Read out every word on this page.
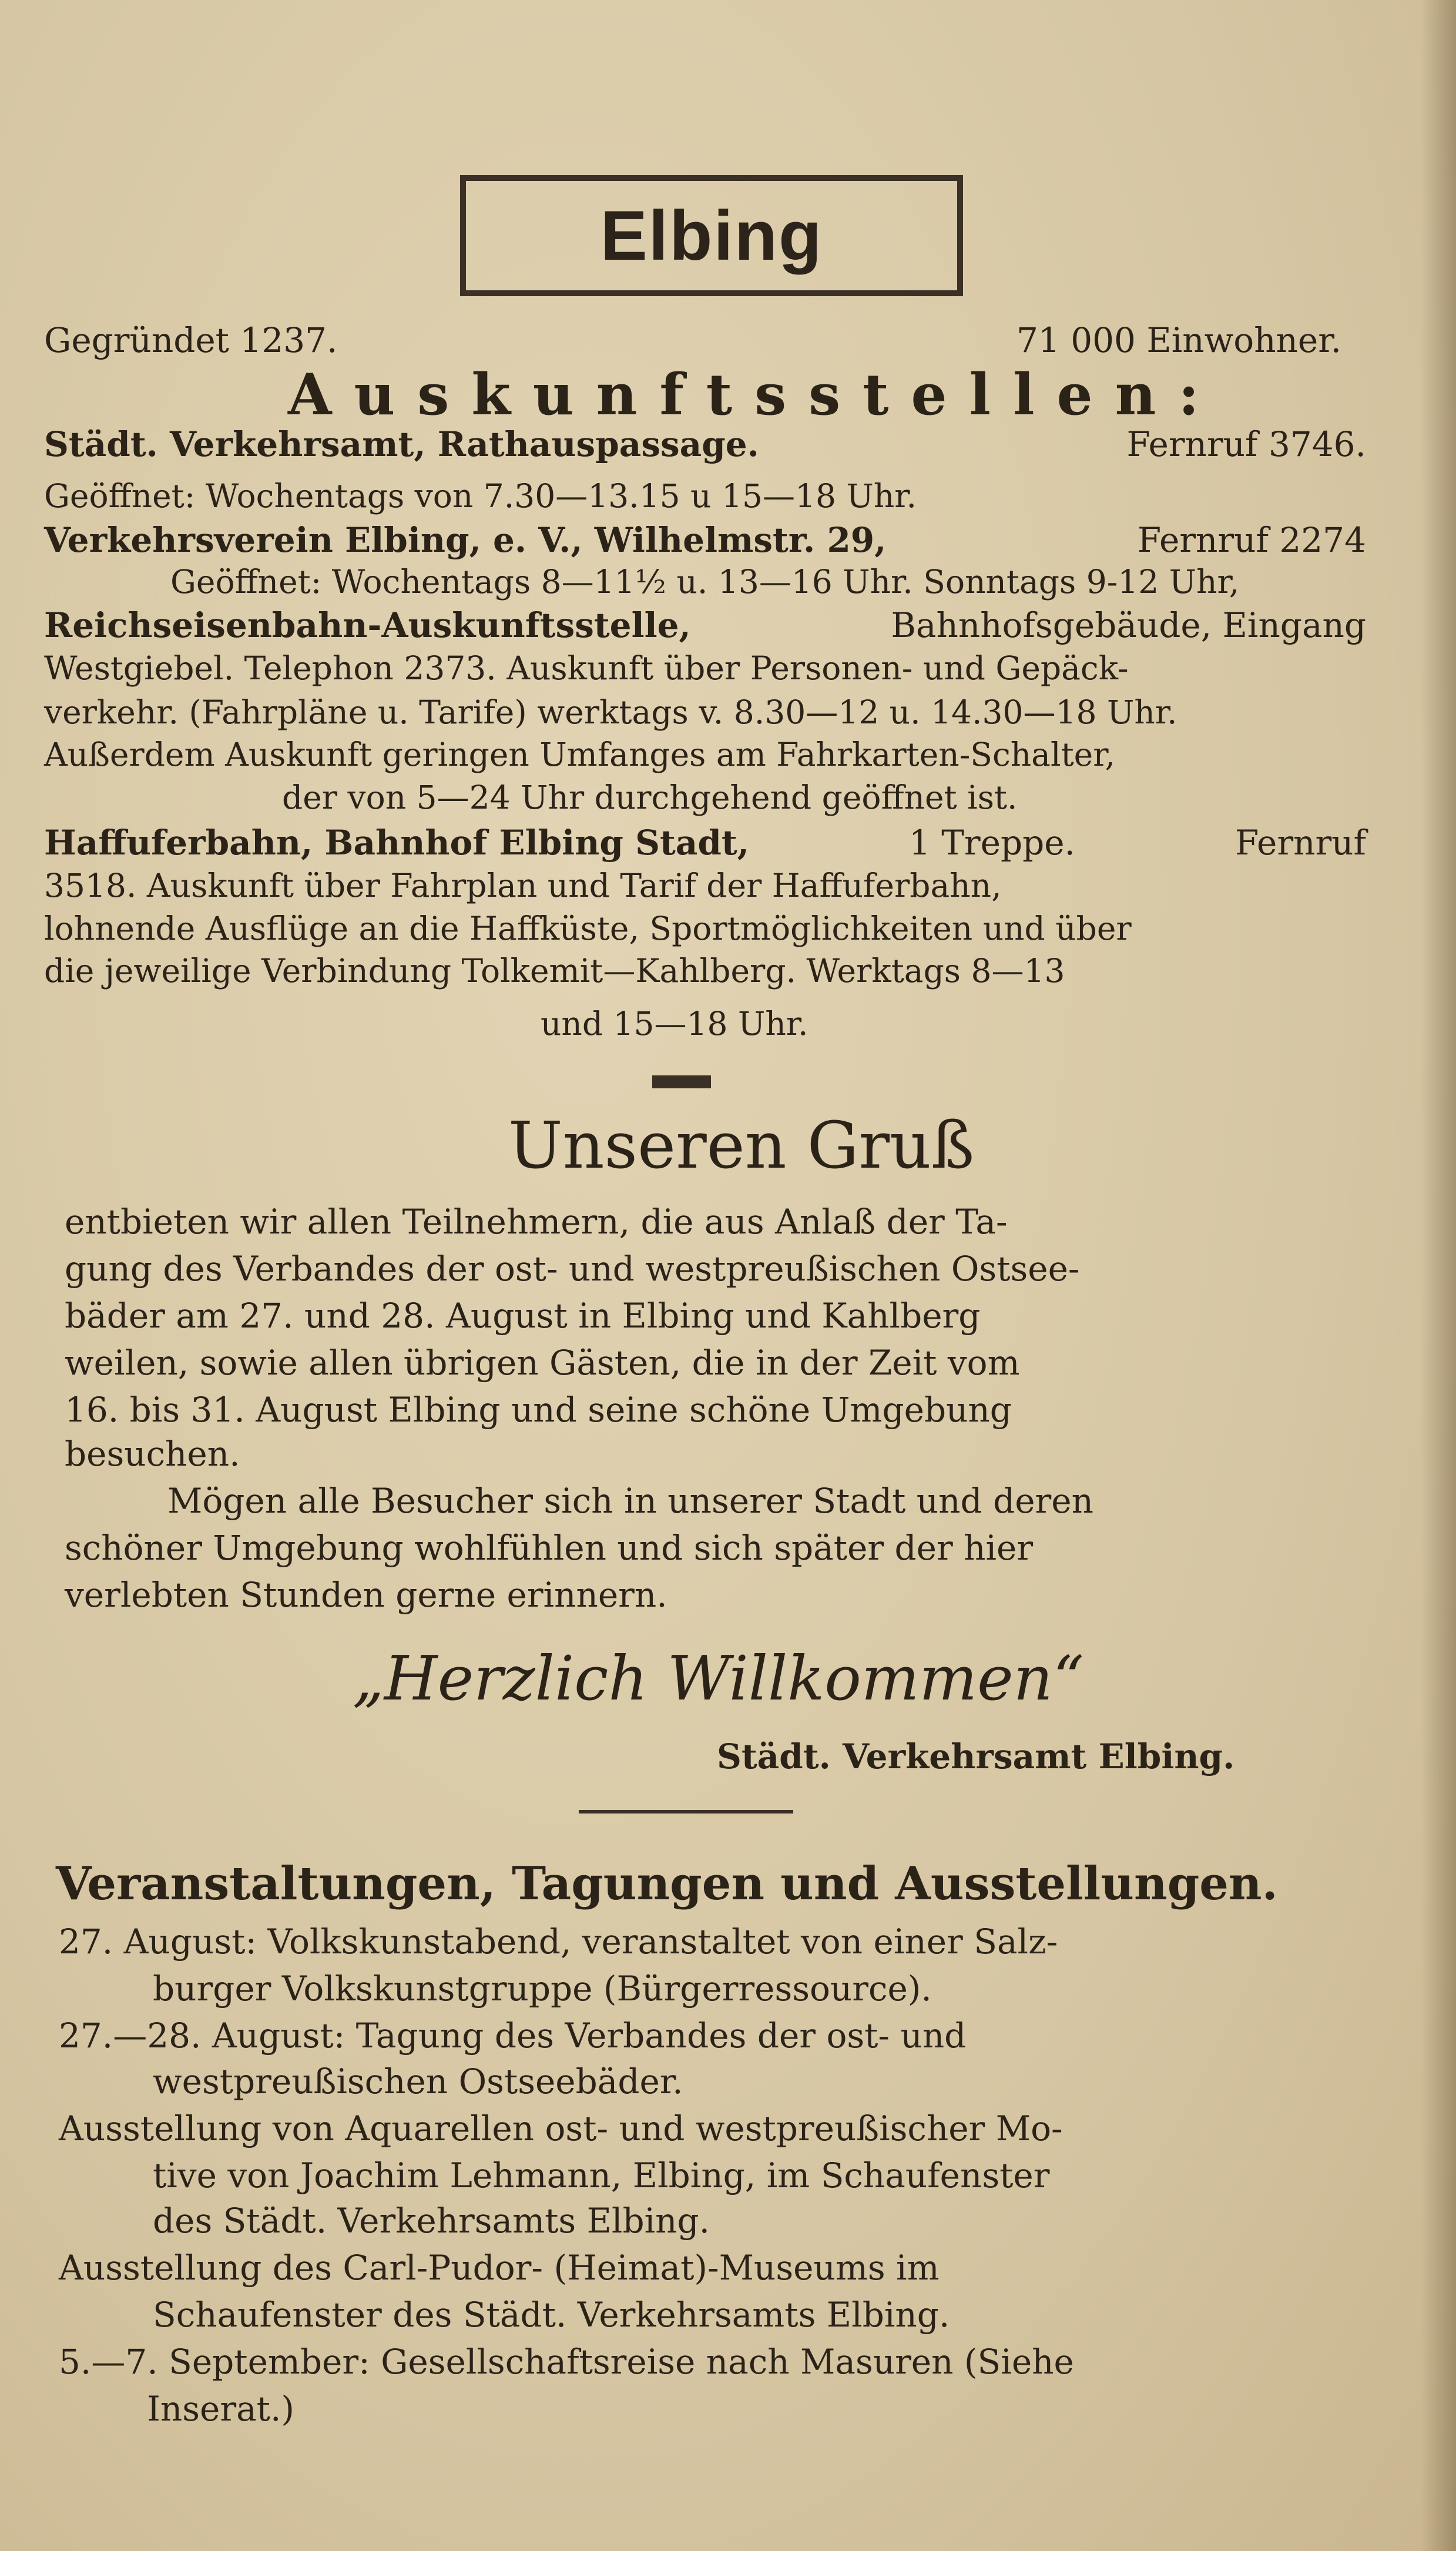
Elbing
Gegründet 1237.	71 000 Einwohner.
Auskunftsstellen:
Städt. Verkehrsamt, Rathauspassage.	Fernruf 3746.
Geöffnet: Wochentags von 7.30—13.15 u 15—18 Uhr.
Verkehrsverein Elbing, e. V., Wilhelmstr. 29,	Fernruf 2274
Geöffnet: Wochentags 8—11½ u. 13—16 Uhr. Sonntags 9-12 Uhr,
Reichseisenbahn-Auskunftsstelle,	Bahnhofsgebäude, Eingang
Westgiebel. Telephon 2373. Auskunft über Personen- und Gepäck-
verkehr. (Fahrpläne u. Tarife) werktags v. 8.30—12 u. 14.30—18 Uhr.
Außerdem Auskunft geringen Umfanges am Fahrkarten-Schalter,
der von 5—24 Uhr durchgehend geöffnet ist.
Haffuferbahn, Bahnhof Elbing Stadt,	1 Treppe.	Fernruf
3518. Auskunft über Fahrplan und Tarif der Haffuferbahn,
lohnende Ausflüge an die Haffküste, Sportmöglichkeiten und über
die jeweilige Verbindung Tolkemit—Kahlberg. Werktags 8—13
und 15—18 Uhr.
Unseren Gruß
entbieten wir allen Teilnehmern, die aus Anlaß der Ta-
gung des Verbandes der ost- und westpreußischen Ostsee-
bäder am 27. und 28. August in Elbing und Kahlberg
weilen, sowie allen übrigen Gästen, die in der Zeit vom
16. bis 31. August Elbing und seine schöne Umgebung
besuchen.
Mögen alle Besucher sich in unserer Stadt und deren
schöner Umgebung wohlfühlen und sich später der hier
verlebten Stunden gerne erinnern.
„Herzlich Willkommen“
Städt. Verkehrsamt Elbing.
Veranstaltungen, Tagungen und Ausstellungen.
27. August: Volkskunstabend, veranstaltet von einer Salz-
burger Volkskunstgruppe (Bürgerressource).
27.—28. August: Tagung des Verbandes der ost- und
westpreußischen Ostseebäder.
Ausstellung von Aquarellen ost- und westpreußischer Mo-
tive von Joachim Lehmann, Elbing, im Schaufenster
des Städt. Verkehrsamts Elbing.
Ausstellung des Carl-Pudor- (Heimat)-Museums im
Schaufenster des Städt. Verkehrsamts Elbing.
5.—7. September: Gesellschaftsreise nach Masuren (Siehe
Inserat.)
